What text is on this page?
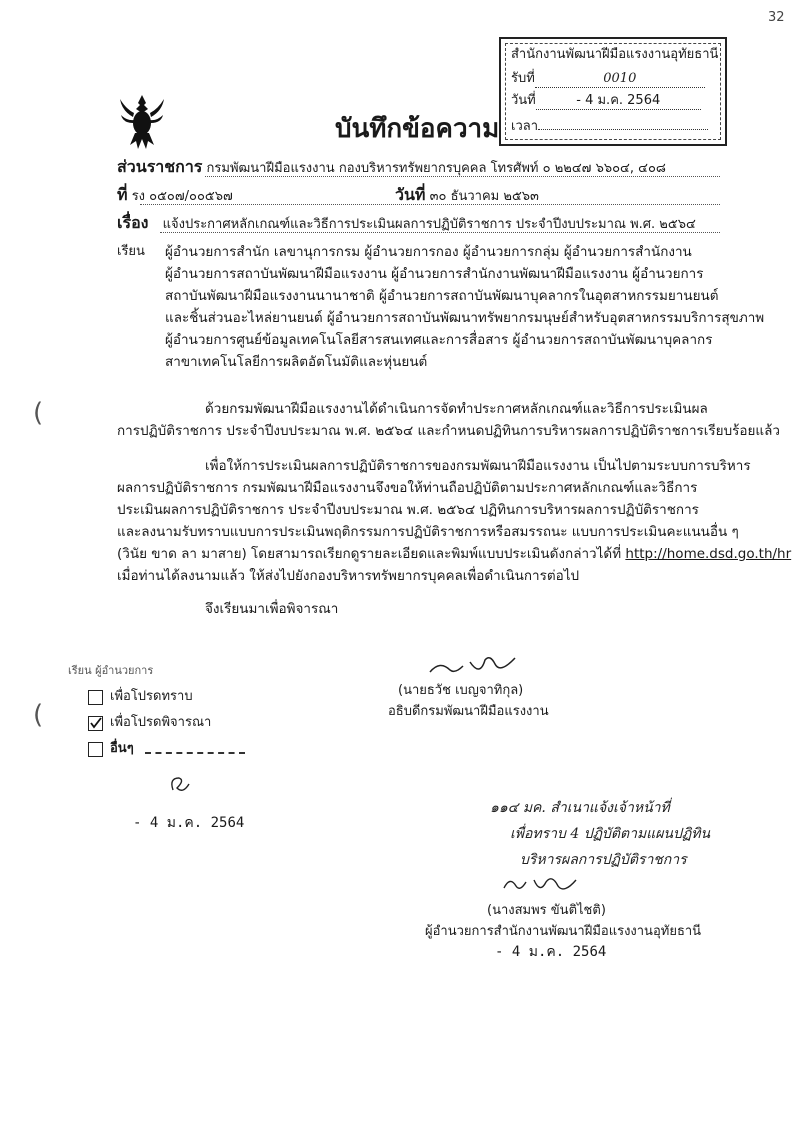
32
สำนักงานพัฒนาฝีมือแรงงานอุทัยธานี
รับที่	0010
วันที่	- 4 ม.ค. 2564
เวลา
บันทึกข้อความ
ส่วนราชการ กรมพัฒนาฝีมือแรงงาน กองบริหารทรัพยากรบุคคล โทรศัพท์ ๐ ๒๒๔๗ ๖๖๐๔, ๔๐๘
ที่ รง ๐๕๐๗/๐๐๕๖๗	วันที่ ๓๐ ธันวาคม ๒๕๖๓
เรื่อง แจ้งประกาศหลักเกณฑ์และวิธีการประเมินผลการปฏิบัติราชการ ประจำปีงบประมาณ พ.ศ. ๒๕๖๔
เรียน ผู้อำนวยการสำนัก เลขานุการกรม ผู้อำนวยการกอง ผู้อำนวยการกลุ่ม ผู้อำนวยการสำนักงาน
ผู้อำนวยการสถาบันพัฒนาฝีมือแรงงาน ผู้อำนวยการสำนักงานพัฒนาฝีมือแรงงาน ผู้อำนวยการ
สถาบันพัฒนาฝีมือแรงงานนานาชาติ ผู้อำนวยการสถาบันพัฒนาบุคลากรในอุตสาหกรรมยานยนต์
และชิ้นส่วนอะไหล่ยานยนต์ ผู้อำนวยการสถาบันพัฒนาทรัพยากรมนุษย์สำหรับอุตสาหกรรมบริการสุขภาพ
ผู้อำนวยการศูนย์ข้อมูลเทคโนโลยีสารสนเทศและการสื่อสาร ผู้อำนวยการสถาบันพัฒนาบุคลากร
สาขาเทคโนโลยีการผลิตอัตโนมัติและหุ่นยนต์
ด้วยกรมพัฒนาฝีมือแรงงานได้ดำเนินการจัดทำประกาศหลักเกณฑ์และวิธีการประเมินผล
การปฏิบัติราชการ ประจำปีงบประมาณ พ.ศ. ๒๕๖๔ และกำหนดปฏิทินการบริหารผลการปฏิบัติราชการเรียบร้อยแล้ว
เพื่อให้การประเมินผลการปฏิบัติราชการของกรมพัฒนาฝีมือแรงงาน เป็นไปตามระบบการบริหาร
ผลการปฏิบัติราชการ กรมพัฒนาฝีมือแรงงานจึงขอให้ท่านถือปฏิบัติตามประกาศหลักเกณฑ์และวิธีการ
ประเมินผลการปฏิบัติราชการ ประจำปีงบประมาณ พ.ศ. ๒๕๖๔ ปฏิทินการบริหารผลการปฏิบัติราชการ
และลงนามรับทราบแบบการประเมินพฤติกรรมการปฏิบัติราชการหรือสมรรถนะ แบบการประเมินคะแนนอื่น ๆ
(วินัย ขาด ลา มาสาย) โดยสามารถเรียกดูรายละเอียดและพิมพ์แบบประเมินดังกล่าวได้ที่ http://home.dsd.go.th/hr
เมื่อท่านได้ลงนามแล้ว ให้ส่งไปยังกองบริหารทรัพยากรบุคคลเพื่อดำเนินการต่อไป
จึงเรียนมาเพื่อพิจารณา
(
(
(นายธวัช เบญจาทิกุล)
อธิบดีกรมพัฒนาฝีมือแรงงาน
เรียน ผู้อำนวยการ
เพื่อโปรดทราบ
เพื่อโปรดพิจารณา
อื่นๆ
- 4 ม.ค. 2564
๑๑๔ มค. สำเนาแจ้งเจ้าหน้าที่
เพื่อทราบ 4 ปฏิบัติตามแผนปฏิทิน
บริหารผลการปฏิบัติราชการ
(นางสมพร ขันติไชติ)
ผู้อำนวยการสำนักงานพัฒนาฝีมือแรงงานอุทัยธานี
- 4 ม.ค. 2564
